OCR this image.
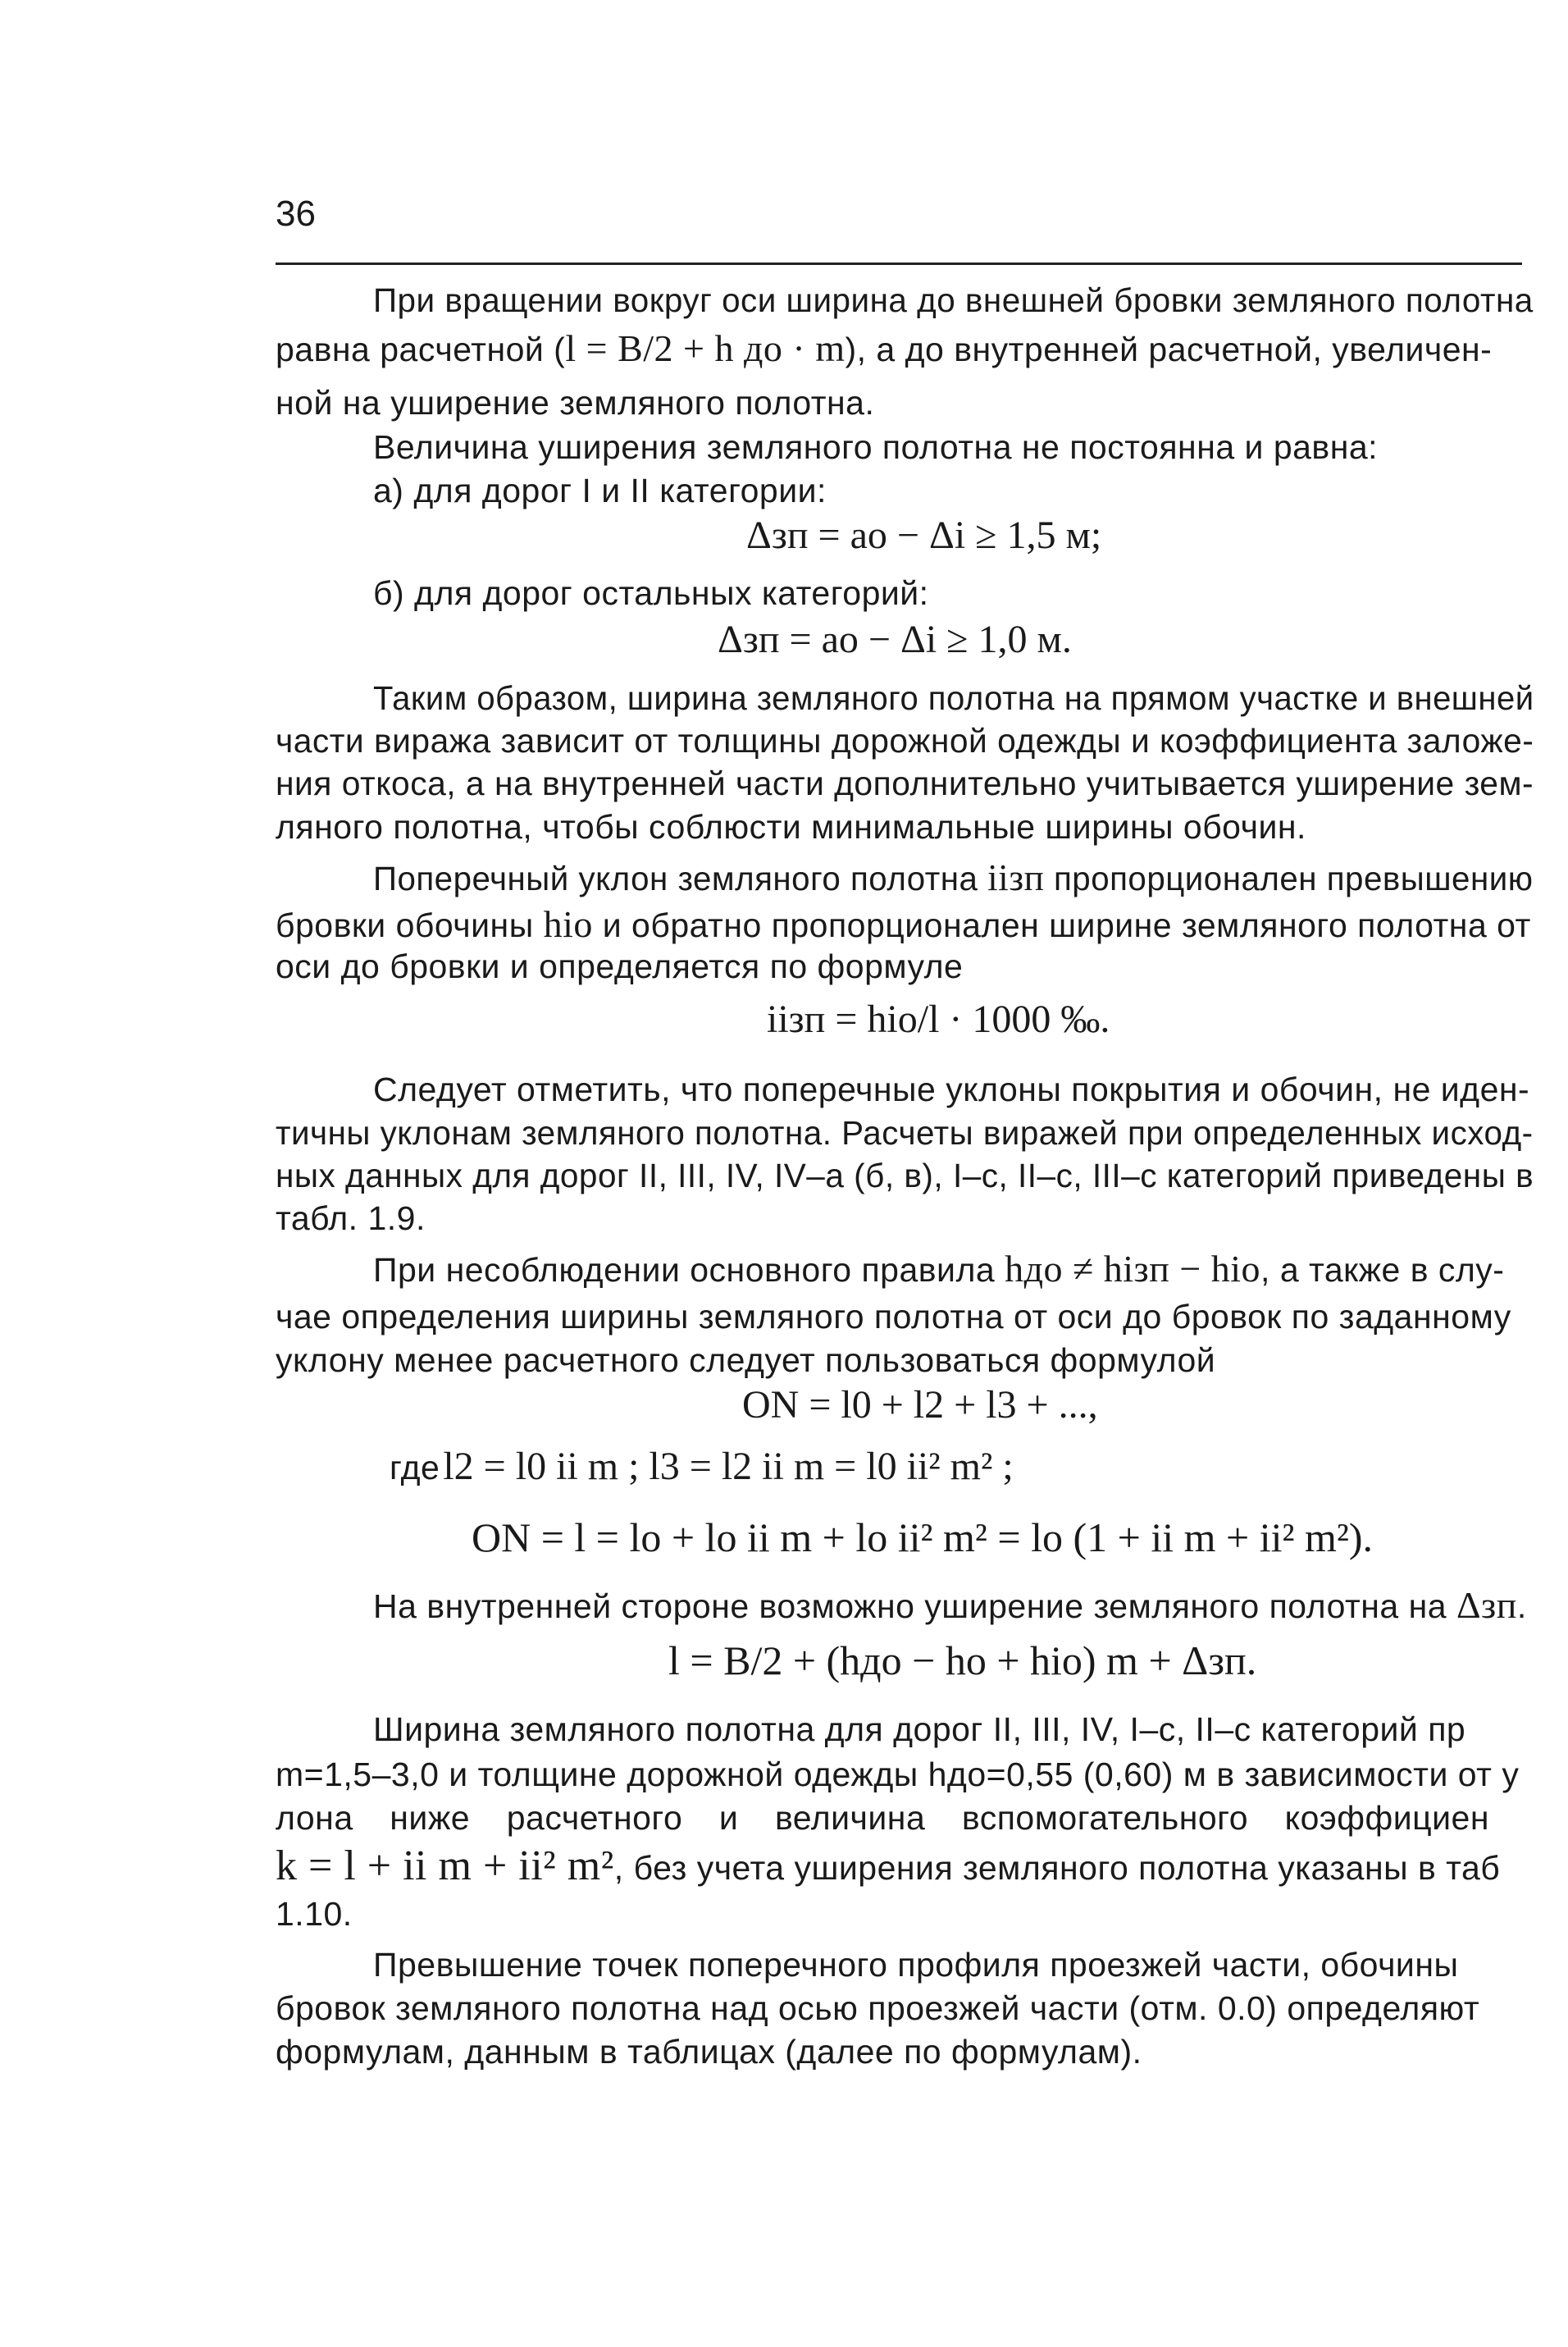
36
При вращении вокруг оси ширина до внешней бровки земляного полотна
равна расчетной (l = B/2 + h до · m), а до внутренней расчетной, увеличен-
ной на уширение земляного полотна.
Величина уширения земляного полотна не постоянна и равна:
а) для дорог I и II категории:
Δзп = ao − Δi ≥ 1,5 м;
б) для дорог остальных категорий:
Δзп = ao − Δi ≥ 1,0 м.
Таким образом, ширина земляного полотна на прямом участке и внешней
части виража зависит от толщины дорожной одежды и коэффициента заложе-
ния откоса, а на внутренней части дополнительно учитывается уширение зем-
ляного полотна, чтобы соблюсти минимальные ширины обочин.
Поперечный уклон земляного полотна iізп пропорционален превышению
бровки обочины hio и обратно пропорционален ширине земляного полотна от
оси до бровки и определяется по формуле
iізп = hio/l · 1000 ‰.
Следует отметить, что поперечные уклоны покрытия и обочин, не иден-
тичны уклонам земляного полотна. Расчеты виражей при определенных исход-
ных данных для дорог II, III, IV, IV–а (б, в), I–с, II–с, III–с категорий приведены в
табл. 1.9.
При несоблюдении основного правила hдо ≠ hізп − hio, а также в слу-
чае определения ширины земляного полотна от оси до бровок по заданному
уклону менее расчетного следует пользоваться формулой
ON = l0 + l2 + l3 + ...,
где l2 = l0 ii m ; l3 = l2 ii m = l0 ii² m² ;
ON = l = lo + lo ii m + lo ii² m² = lo (1 + ii m + ii² m²).
На внутренней стороне возможно уширение земляного полотна на Δзп.
l = B/2 + (hдо − ho + hio) m + Δзп.
Ширина земляного полотна для дорог II, III, IV, I–с, II–с категорий пр
m=1,5–3,0 и толщине дорожной одежды hдо=0,55 (0,60) м в зависимости от у
лона ниже расчетного и величина вспомогательного коэффициен
k = l + ii m + ii² m², без учета уширения земляного полотна указаны в таб
1.10.
Превышение точек поперечного профиля проезжей части, обочины
бровок земляного полотна над осью проезжей части (отм. 0.0) определяют
формулам, данным в таблицах (далее по формулам).
